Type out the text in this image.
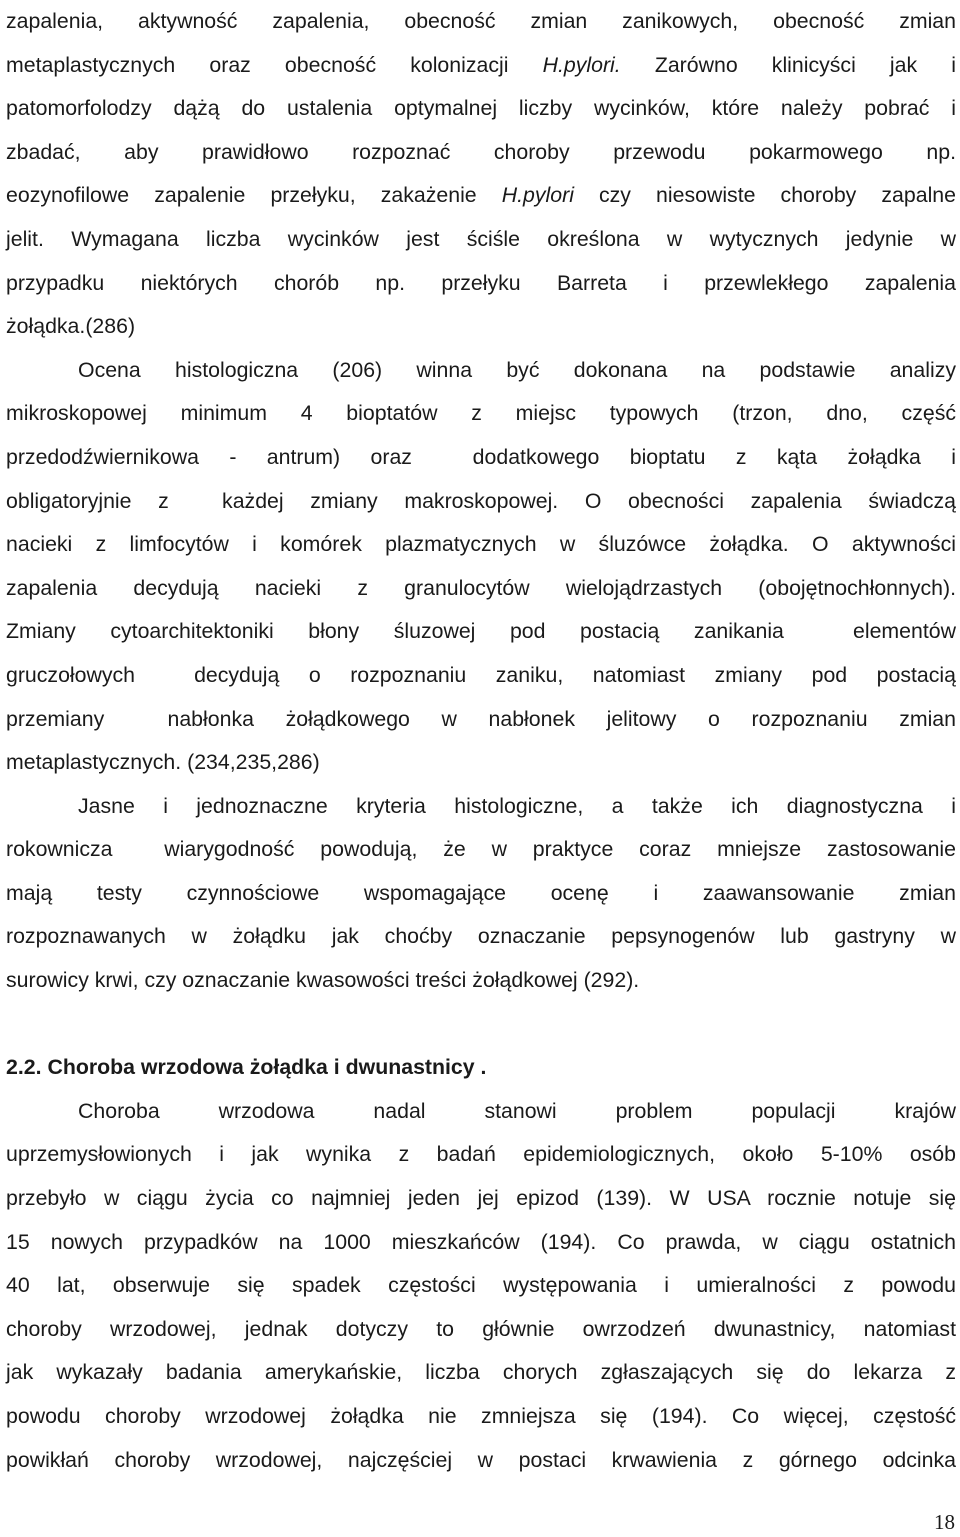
zapalenia, aktywność zapalenia, obecność zmian zanikowych, obecność zmian
metaplastycznych oraz obecność kolonizacji H.pylori. Zarówno klinicyści jak i
patomorfolodzy dążą do ustalenia optymalnej liczby wycinków, które należy pobrać i
zbadać, aby prawidłowo rozpoznać choroby przewodu pokarmowego np.
eozynofilowe zapalenie przełyku, zakażenie H.pylori czy niesowiste choroby zapalne
jelit. Wymagana liczba wycinków jest ściśle określona w wytycznych jedynie w
przypadku niektórych chorób np. przełyku Barreta i przewlekłego zapalenia
żołądka.(286)
Ocena histologiczna (206) winna być dokonana na podstawie analizy
mikroskopowej minimum 4 bioptatów z miejsc typowych (trzon, dno, część
przedodźwiernikowa - antrum) oraz  dodatkowego bioptatu z kąta żołądka i
obligatoryjnie z  każdej zmiany makroskopowej. O obecności zapalenia świadczą
nacieki z limfocytów i komórek plazmatycznych w śluzówce żołądka. O aktywności
zapalenia decydują nacieki z granulocytów wielojądrzastych (obojętnochłonnych).
Zmiany cytoarchitektoniki błony śluzowej pod postacią zanikania  elementów
gruczołowych  decydują o rozpoznaniu zaniku, natomiast zmiany pod postacią
przemiany  nabłonka żołądkowego w nabłonek jelitowy o rozpoznaniu zmian
metaplastycznych. (234,235,286)
Jasne i jednoznaczne kryteria histologiczne, a także ich diagnostyczna i
rokownicza  wiarygodność powodują, że w praktyce coraz mniejsze zastosowanie
mają testy czynnościowe wspomagające ocenę i zaawansowanie zmian
rozpoznawanych w żołądku jak choćby oznaczanie pepsynogenów lub gastryny w
surowicy krwi, czy oznaczanie kwasowości treści żołądkowej (292).
2.2. Choroba wrzodowa żołądka i dwunastnicy .
Choroba wrzodowa nadal stanowi problem populacji krajów
uprzemysłowionych i jak wynika z badań epidemiologicznych, około 5-10% osób
przebyło w ciągu życia co najmniej jeden jej epizod (139). W USA rocznie notuje się
15 nowych przypadków na 1000 mieszkańców (194). Co prawda, w ciągu ostatnich
40 lat, obserwuje się spadek częstości występowania i umieralności z powodu
choroby wrzodowej, jednak dotyczy to głównie owrzodzeń dwunastnicy, natomiast
jak wykazały badania amerykańskie, liczba chorych zgłaszających się do lekarza z
powodu choroby wrzodowej żołądka nie zmniejsza się (194). Co więcej, częstość
powikłań choroby wrzodowej, najczęściej w postaci krwawienia z górnego odcinka
18
